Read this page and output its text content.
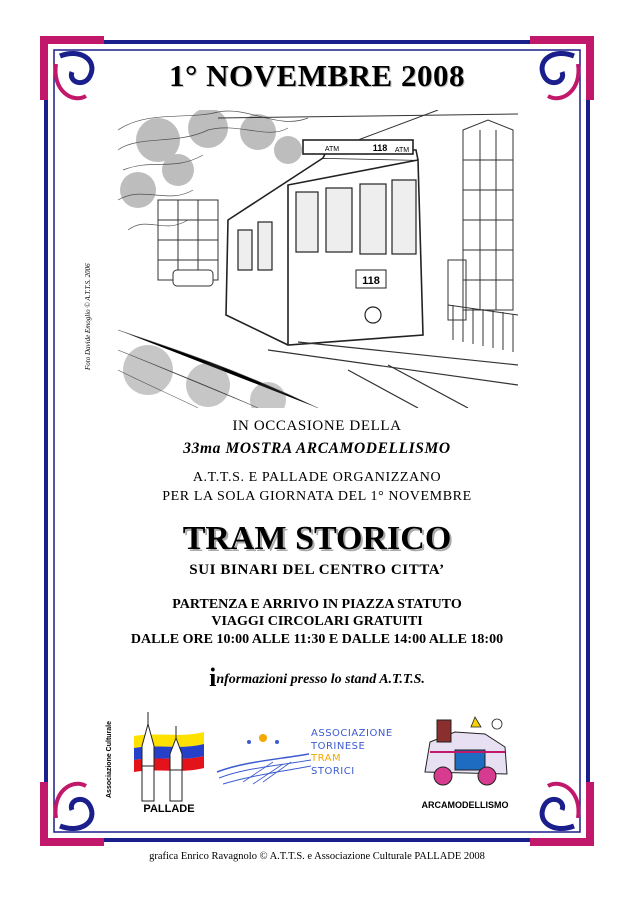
1° NOVEMBRE 2008
118
ATM	ATM
118
Foto Davide Emoglio © A.T.T.S. 2006
IN OCCASIONE DELLA
33ma MOSTRA ARCAMODELLISMO
A.T.T.S. E PALLADE ORGANIZZANO
PER LA SOLA GIORNATA DEL 1° NOVEMBRE
TRAM STORICO
SUI BINARI DEL CENTRO CITTA’
PARTENZA E ARRIVO IN PIAZZA STATUTO
VIAGGI CIRCOLARI GRATUITI
DALLE ORE 10:00 ALLE 11:30 E DALLE 14:00 ALLE 18:00
informazioni presso lo stand A.T.T.S.
Associazione Culturale
PALLADE
ASSOCIAZIONE
TORINESE
TRAM
STORICI
ARCAMODELLISMO
grafica Enrico Ravagnolo © A.T.T.S. e Associazione Culturale PALLADE 2008
